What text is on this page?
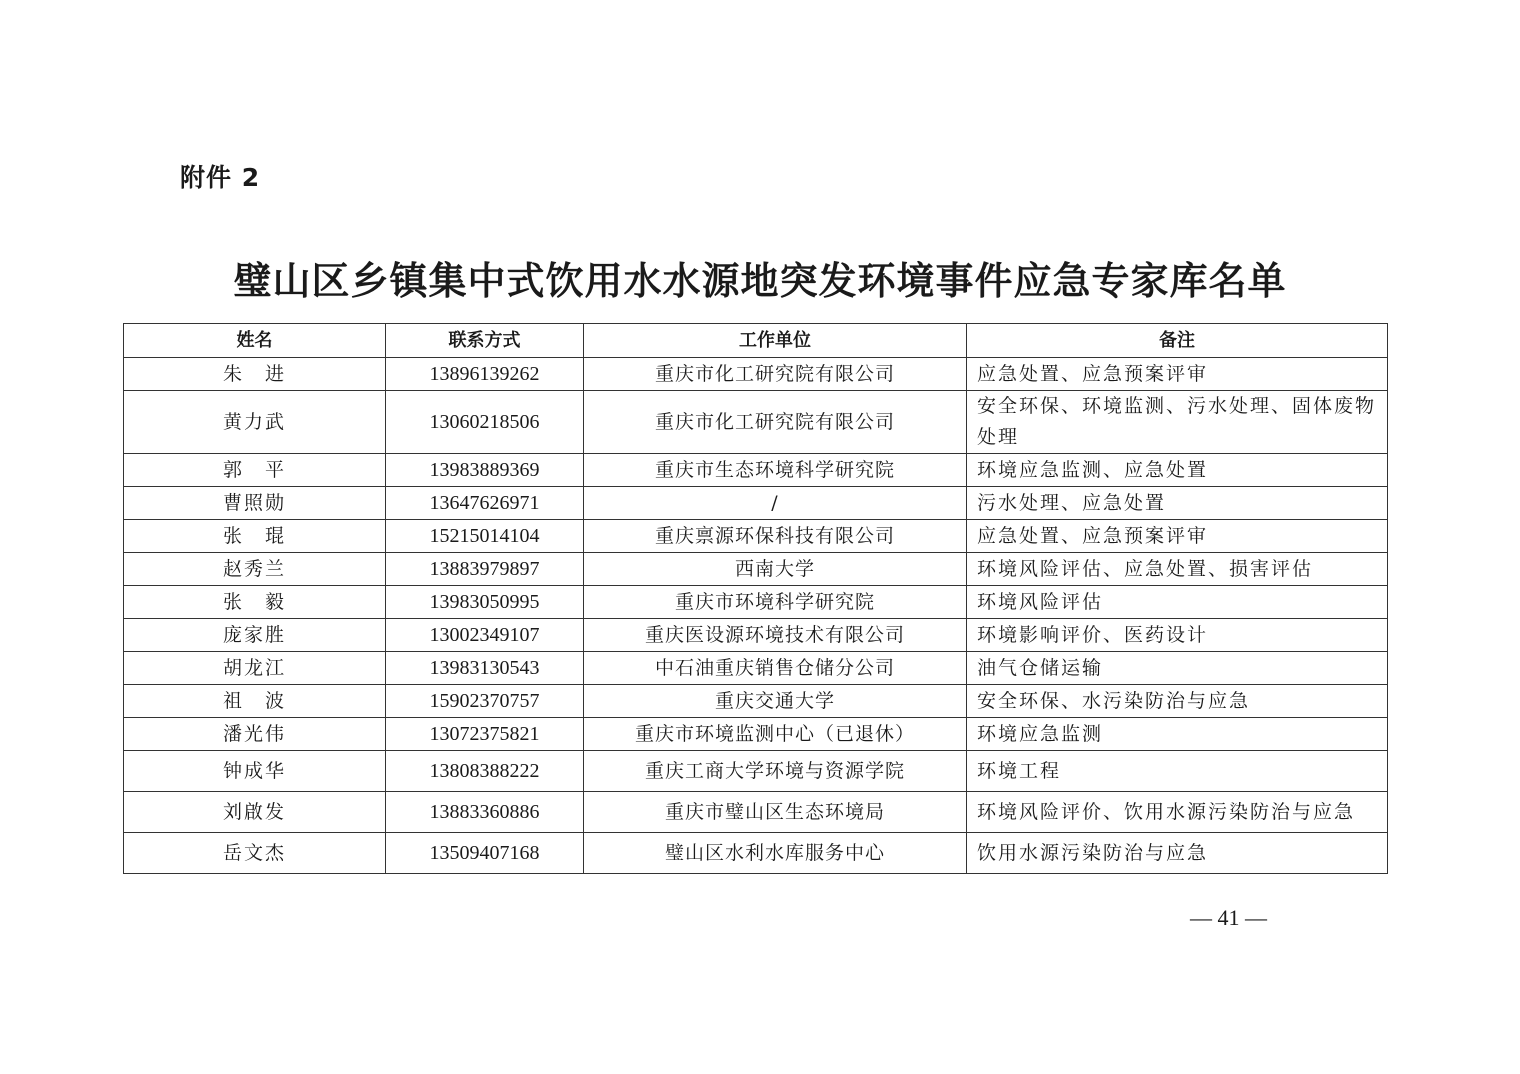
附件 2
璧山区乡镇集中式饮用水水源地突发环境事件应急专家库名单
姓名	联系方式	工作单位	备注
朱　进	13896139262	重庆市化工研究院有限公司	应急处置、应急预案评审
黄力武	13060218506	重庆市化工研究院有限公司	安全环保、环境监测、污水处理、固体废物处理
郭　平	13983889369	重庆市生态环境科学研究院	环境应急监测、应急处置
曹照勋	13647626971	/	污水处理、应急处置
张　琨	15215014104	重庆禀源环保科技有限公司	应急处置、应急预案评审
赵秀兰	13883979897	西南大学	环境风险评估、应急处置、损害评估
张　毅	13983050995	重庆市环境科学研究院	环境风险评估
庞家胜	13002349107	重庆医设源环境技术有限公司	环境影响评价、医药设计
胡龙江	13983130543	中石油重庆销售仓储分公司	油气仓储运输
祖　波	15902370757	重庆交通大学	安全环保、水污染防治与应急
潘光伟	13072375821	重庆市环境监测中心（已退休）	环境应急监测
钟成华	13808388222	重庆工商大学环境与资源学院	环境工程
刘啟发	13883360886	重庆市璧山区生态环境局	环境风险评价、饮用水源污染防治与应急
岳文杰	13509407168	璧山区水利水库服务中心	饮用水源污染防治与应急
— 41 —
